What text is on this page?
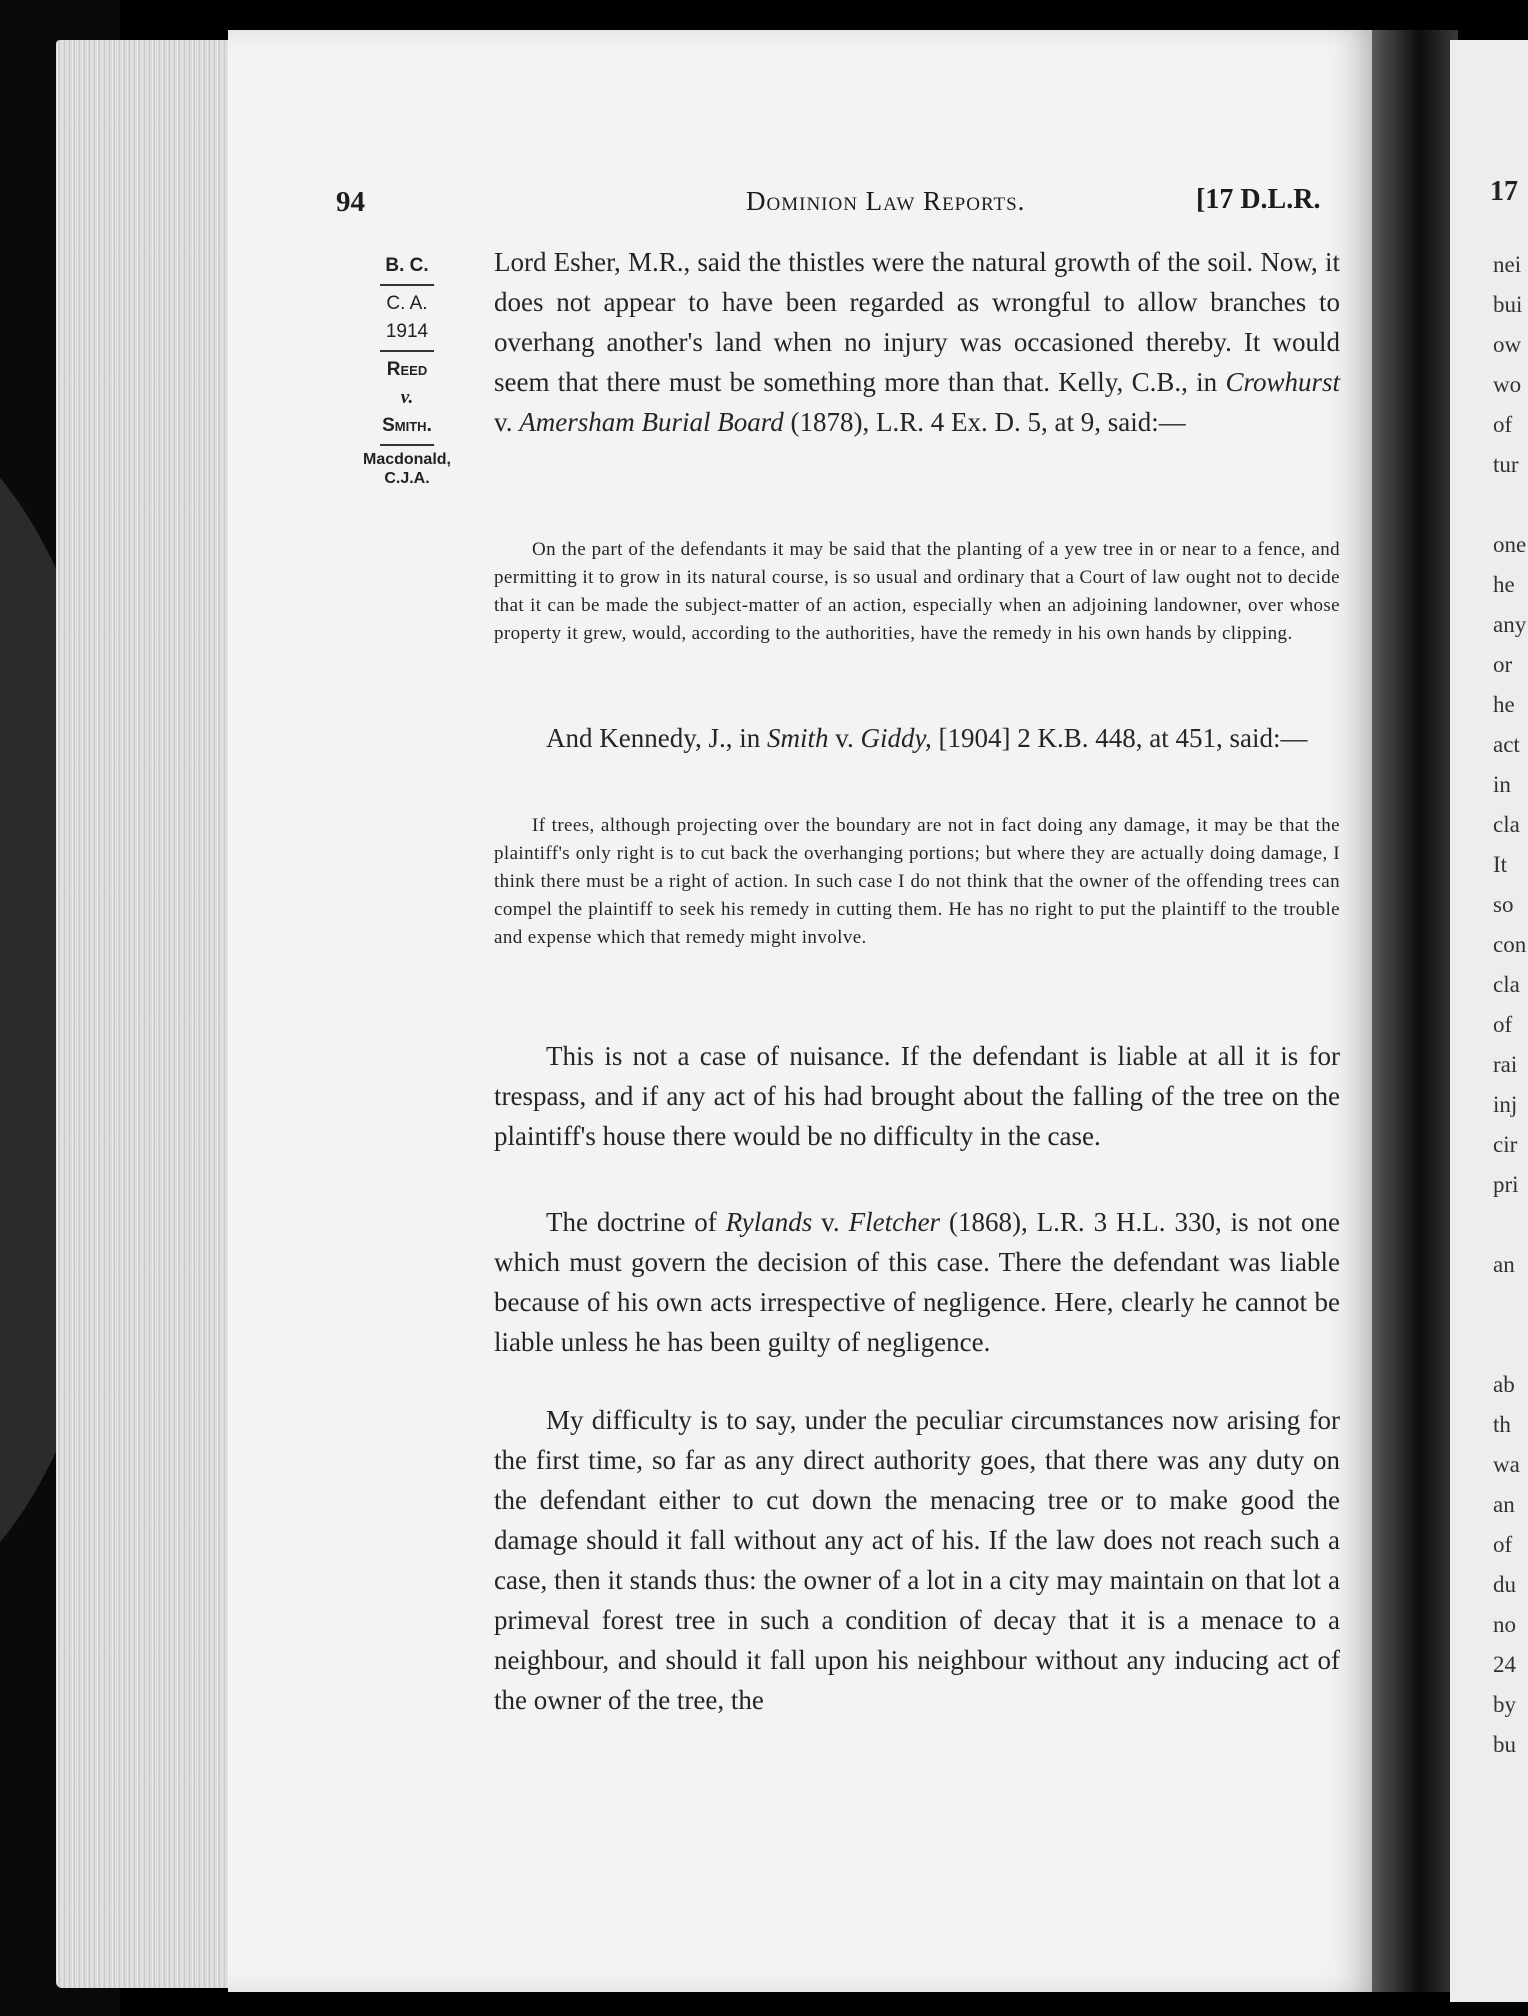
17
nei
bui
ow
wo
of
tur
one
he
any
or
he
act
in
cla
It
so
con
cla
of
rai
inj
cir
pri
an
ab
th
wa
an
of
du
no
24
by
bu
94	Dominion Law Reports.	[17 D.L.R.
B. C.
C. A.
1914
Reed
v.
Smith.
Macdonald,
C.J.A.

Lord Esher, M.R., said the thistles were the natural growth of the soil. Now, it does not appear to have been regarded as wrongful to allow branches to overhang another's land when no injury was occasioned thereby. It would seem that there must be something more than that. Kelly, C.B., in Crowhurst v. Amersham Burial Board (1878), L.R. 4 Ex. D. 5, at 9, said:—

On the part of the defendants it may be said that the planting of a yew tree in or near to a fence, and permitting it to grow in its natural course, is so usual and ordinary that a Court of law ought not to decide that it can be made the subject-matter of an action, especially when an adjoining landowner, over whose property it grew, would, according to the authorities, have the remedy in his own hands by clipping.

And Kennedy, J., in Smith v. Giddy, [1904] 2 K.B. 448, at 451, said:—

If trees, although projecting over the boundary are not in fact doing any damage, it may be that the plaintiff's only right is to cut back the overhanging portions; but where they are actually doing damage, I think there must be a right of action. In such case I do not think that the owner of the offending trees can compel the plaintiff to seek his remedy in cutting them. He has no right to put the plaintiff to the trouble and expense which that remedy might involve.

This is not a case of nuisance. If the defendant is liable at all it is for trespass, and if any act of his had brought about the falling of the tree on the plaintiff's house there would be no difficulty in the case.

The doctrine of Rylands v. Fletcher (1868), L.R. 3 H.L. 330, is not one which must govern the decision of this case. There the defendant was liable because of his own acts irrespective of negligence. Here, clearly he cannot be liable unless he has been guilty of negligence.

My difficulty is to say, under the peculiar circumstances now arising for the first time, so far as any direct authority goes, that there was any duty on the defendant either to cut down the menacing tree or to make good the damage should it fall without any act of his. If the law does not reach such a case, then it stands thus: the owner of a lot in a city may maintain on that lot a primeval forest tree in such a condition of decay that it is a menace to a neighbour, and should it fall upon his neighbour without any inducing act of the owner of the tree, the
